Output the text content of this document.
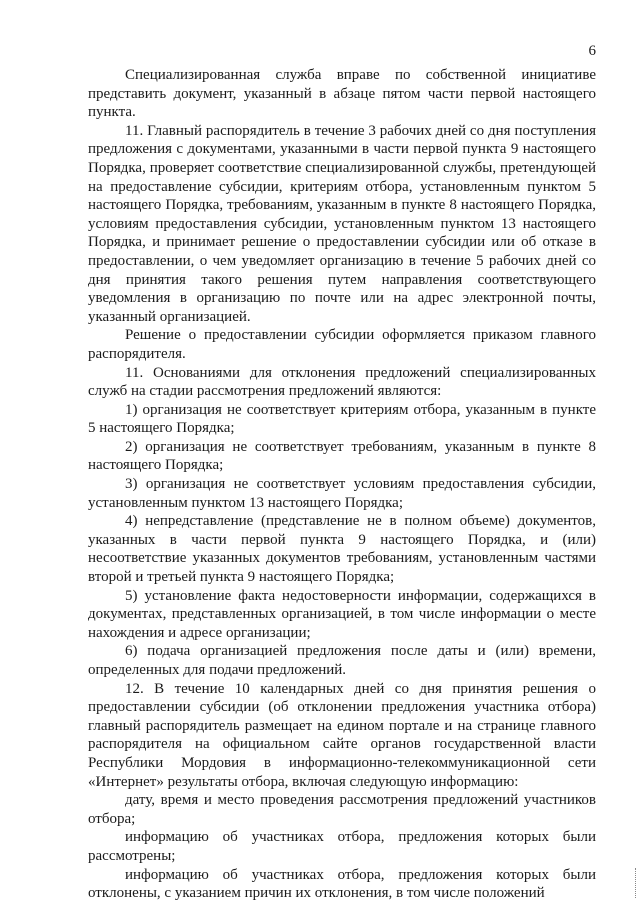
6

Специализированная служба вправе по собственной инициативе представить документ, указанный в абзаце пятом части первой настоящего пункта.

11. Главный распорядитель в течение 3 рабочих дней со дня поступления предложения с документами, указанными в части первой пункта 9 настоящего Порядка, проверяет соответствие специализированной службы, претендующей на предоставление субсидии, критериям отбора, установленным пунктом 5 настоящего Порядка, требованиям, указанным в пункте 8 настоящего Порядка, условиям предоставления субсидии, установленным пунктом 13 настоящего Порядка, и принимает решение о предоставлении субсидии или об отказе в предоставлении, о чем уведомляет организацию в течение 5 рабочих дней со дня принятия такого решения путем направления соответствующего уведомления в организацию по почте или на адрес электронной почты, указанный организацией.

Решение о предоставлении субсидии оформляется приказом главного распорядителя.

11. Основаниями для отклонения предложений специализированных служб на стадии рассмотрения предложений являются:

1) организация не соответствует критериям отбора, указанным в пункте 5 настоящего Порядка;

2) организация не соответствует требованиям, указанным в пункте 8 настоящего Порядка;

3) организация не соответствует условиям предоставления субсидии, установленным пунктом 13 настоящего Порядка;

4) непредставление (представление не в полном объеме) документов, указанных в части первой пункта 9 настоящего Порядка, и (или) несоответствие указанных документов требованиям, установленным частями второй и третьей пункта 9 настоящего Порядка;

5) установление факта недостоверности информации, содержащихся в документах, представленных организацией, в том числе информации о месте нахождения и адресе организации;

6) подача организацией предложения после даты и (или) времени, определенных для подачи предложений.

12. В течение 10 календарных дней со дня принятия решения о предоставлении субсидии (об отклонении предложения участника отбора) главный распорядитель размещает на едином портале и на странице главного распорядителя на официальном сайте органов государственной власти Республики Мордовия в информационно-телекоммуникационной сети «Интернет» результаты отбора, включая следующую информацию:

дату, время и место проведения рассмотрения предложений участников отбора;

информацию об участниках отбора, предложения которых были рассмотрены;

информацию об участниках отбора, предложения которых были отклонены, с указанием причин их отклонения, в том числе положений
